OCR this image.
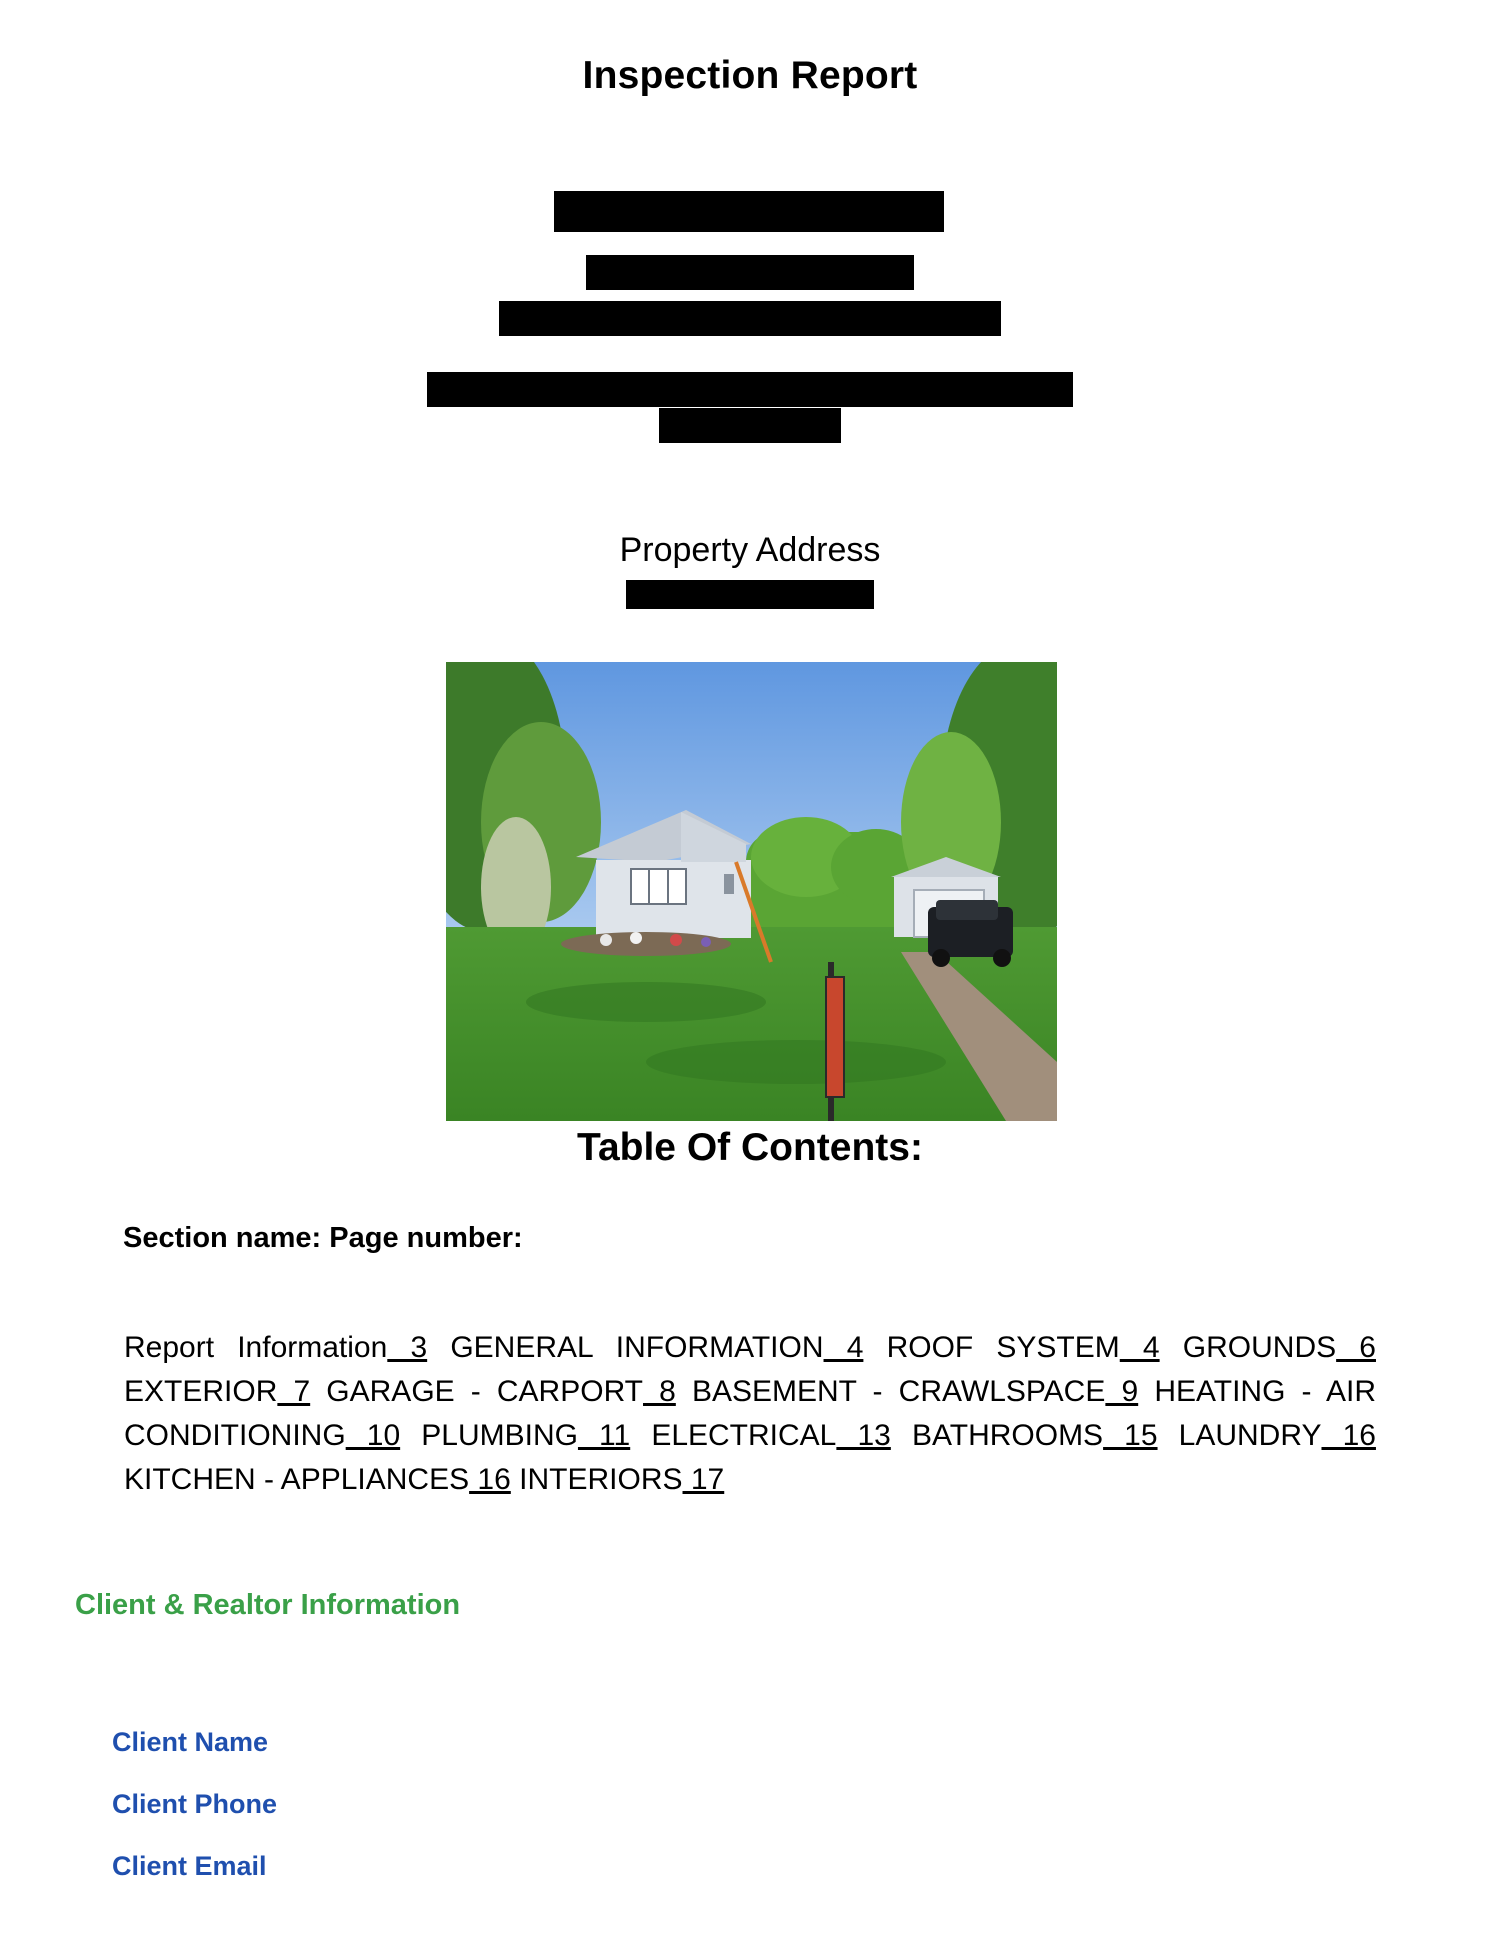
Inspection Report
Property Address
Table Of Contents:
Section name: Page number:
Report Information 3 GENERAL INFORMATION 4 ROOF SYSTEM 4 GROUNDS 6 EXTERIOR 7 GARAGE - CARPORT 8 BASEMENT - CRAWLSPACE 9 HEATING - AIR CONDITIONING 10 PLUMBING 11 ELECTRICAL 13 BATHROOMS 15 LAUNDRY 16 KITCHEN - APPLIANCES 16 INTERIORS 17
Client & Realtor Information
Client Name
Client Phone
Client Email
